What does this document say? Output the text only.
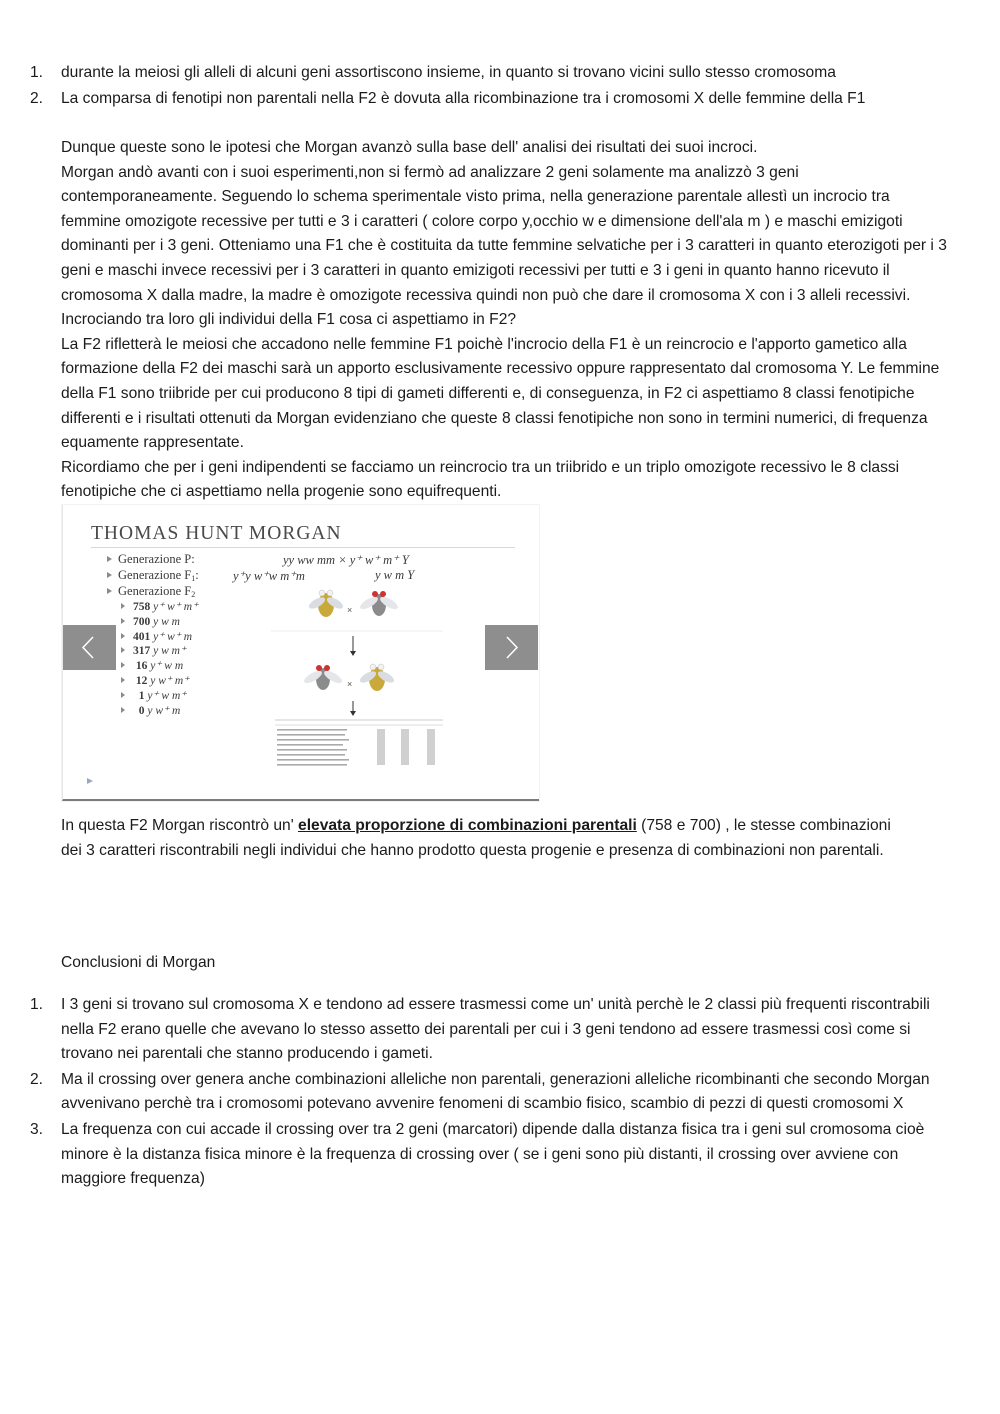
1. durante la meiosi gli alleli di alcuni geni assortiscono insieme, in quanto si trovano vicini sullo stesso cromosoma
2. La comparsa di fenotipi non parentali nella F2 è dovuta alla ricombinazione tra i cromosomi X delle femmine della F1
Dunque queste sono le ipotesi che Morgan avanzò sulla base dell' analisi dei risultati dei suoi incroci.
Morgan andò avanti con i suoi esperimenti,non si fermò ad analizzare 2 geni solamente ma analizzò 3 geni contemporaneamente. Seguendo lo schema sperimentale visto prima, nella generazione parentale allestì un incrocio tra femmine omozigote recessive per tutti e 3 i caratteri ( colore corpo y,occhio w e dimensione dell'ala m ) e maschi emizigoti dominanti per i 3 geni. Otteniamo una F1 che è costituita da tutte femmine selvatiche per i 3 caratteri in quanto eterozigoti per i 3 geni e maschi invece recessivi per i 3 caratteri in quanto emizigoti recessivi per tutti e 3 i geni in quanto hanno ricevuto il cromosoma X dalla madre, la madre è omozigote recessiva quindi non può che dare il cromosoma X con i 3 alleli recessivi. Incrociando tra loro gli individui della F1 cosa ci aspettiamo in F2?
La F2 rifletterà le meiosi che accadono nelle femmine F1 poichè l'incrocio della F1 è un reincrocio e l'apporto gametico alla formazione della F2 dei maschi sarà un apporto esclusivamente recessivo oppure rappresentato dal cromosoma Y. Le femmine della F1 sono triibride per cui producono 8 tipi di gameti differenti e, di conseguenza, in F2 ci aspettiamo 8 classi fenotipiche differenti e i risultati ottenuti da Morgan evidenziano che queste 8 classi fenotipiche non sono in termini numerici, di frequenza equamente rappresentate.
Ricordiamo che per i geni indipendenti se facciamo un reincrocio tra un triibrido e un triplo omozigote recessivo le 8 classi fenotipiche che ci aspettiamo nella progenie sono equifrequenti.
THOMAS HUNT MORGAN
Generazione P:	yy ww mm × y⁺ w⁺ m⁺ Y
Generazione $F_1$:	y⁺y w⁺w m⁺m	y w m Y
Generazione $F_2$
758 y⁺ w⁺ m⁺
700 y w m
401 y⁺ w⁺ m
317 y w m⁺
16 y⁺ w m
12 y w⁺ m⁺
1 y⁺ w m⁺
0 y w⁺ m
×
×
In questa F2 Morgan riscontrò un' elevata proporzione di combinazioni parentali (758 e 700) , le stesse combinazioni dei 3 caratteri riscontrabili negli individui che hanno prodotto questa progenie e presenza di combinazioni non parentali.
Conclusioni di Morgan
1. I 3 geni si trovano sul cromosoma X e tendono ad essere trasmessi come un' unità perchè le 2 classi più frequenti riscontrabili nella F2 erano quelle che avevano lo stesso assetto dei parentali per cui i 3 geni tendono ad essere trasmessi così come si trovano nei parentali che stanno producendo i gameti.
2. Ma il crossing over genera anche combinazioni alleliche non parentali, generazioni alleliche ricombinanti che secondo Morgan avvenivano perchè tra i cromosomi potevano avvenire fenomeni di scambio fisico, scambio di pezzi di questi cromosomi X
3. La frequenza con cui accade il crossing over tra 2 geni (marcatori) dipende dalla distanza fisica tra i geni sul cromosoma cioè minore è la distanza fisica minore è la frequenza di crossing over ( se i geni sono più distanti, il crossing over avviene con maggiore frequenza)
